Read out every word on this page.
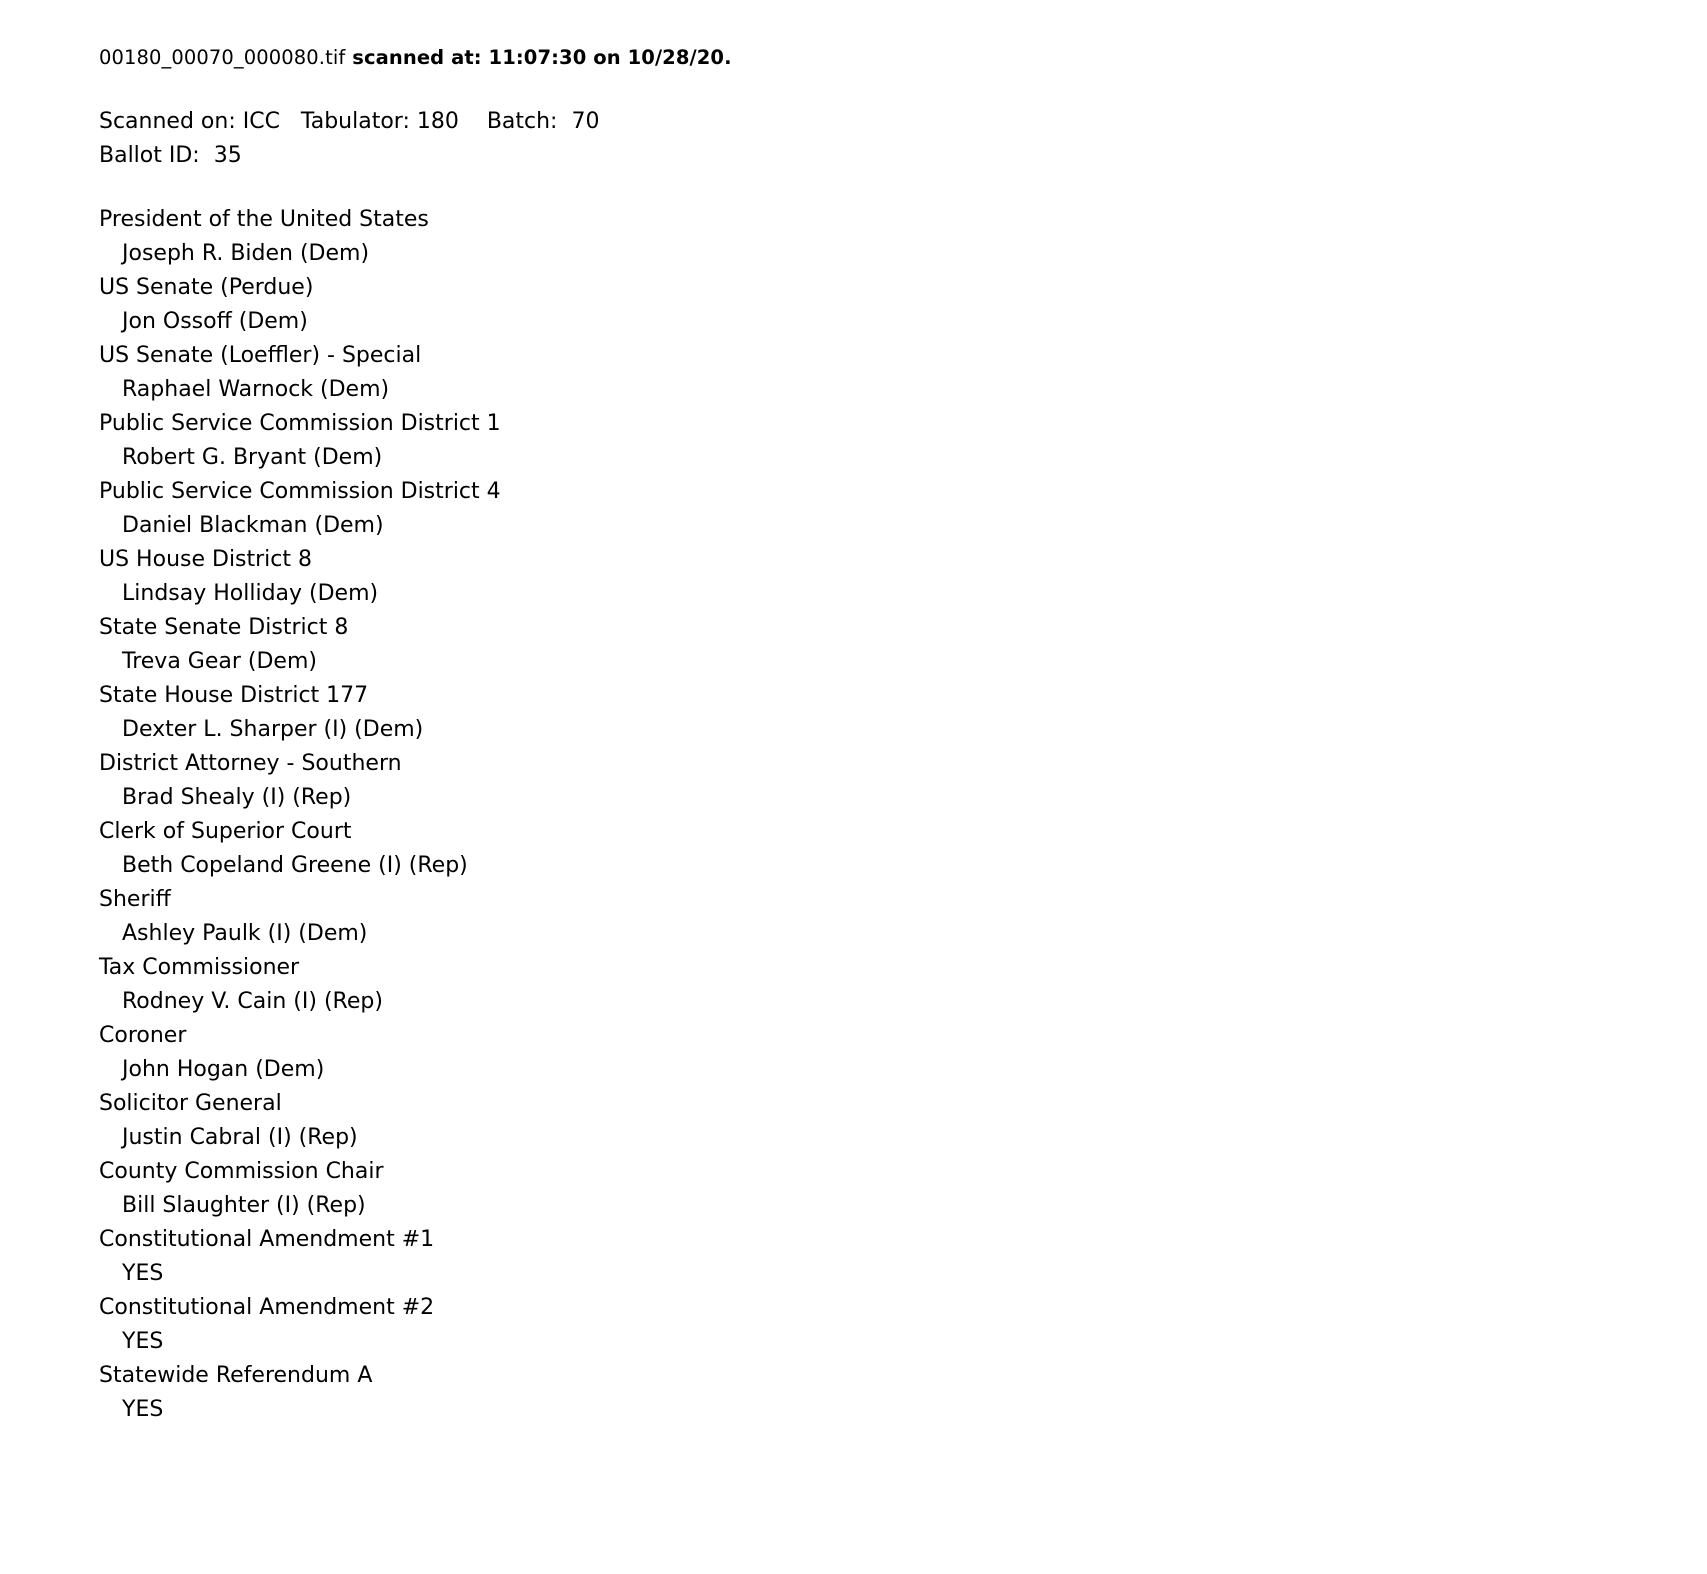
00180_00070_000080.tif scanned at: 11:07:30 on 10/28/20.
Scanned on: ICC   Tabulator: 180    Batch:  70
Ballot ID:  35
President of the United States
Joseph R. Biden (Dem)
US Senate (Perdue)
Jon Ossoff (Dem)
US Senate (Loeffler) - Special
Raphael Warnock (Dem)
Public Service Commission District 1
Robert G. Bryant (Dem)
Public Service Commission District 4
Daniel Blackman (Dem)
US House District 8
Lindsay Holliday (Dem)
State Senate District 8
Treva Gear (Dem)
State House District 177
Dexter L. Sharper (I) (Dem)
District Attorney - Southern
Brad Shealy (I) (Rep)
Clerk of Superior Court
Beth Copeland Greene (I) (Rep)
Sheriff
Ashley Paulk (I) (Dem)
Tax Commissioner
Rodney V. Cain (I) (Rep)
Coroner
John Hogan (Dem)
Solicitor General
Justin Cabral (I) (Rep)
County Commission Chair
Bill Slaughter (I) (Rep)
Constitutional Amendment #1
YES
Constitutional Amendment #2
YES
Statewide Referendum A
YES
